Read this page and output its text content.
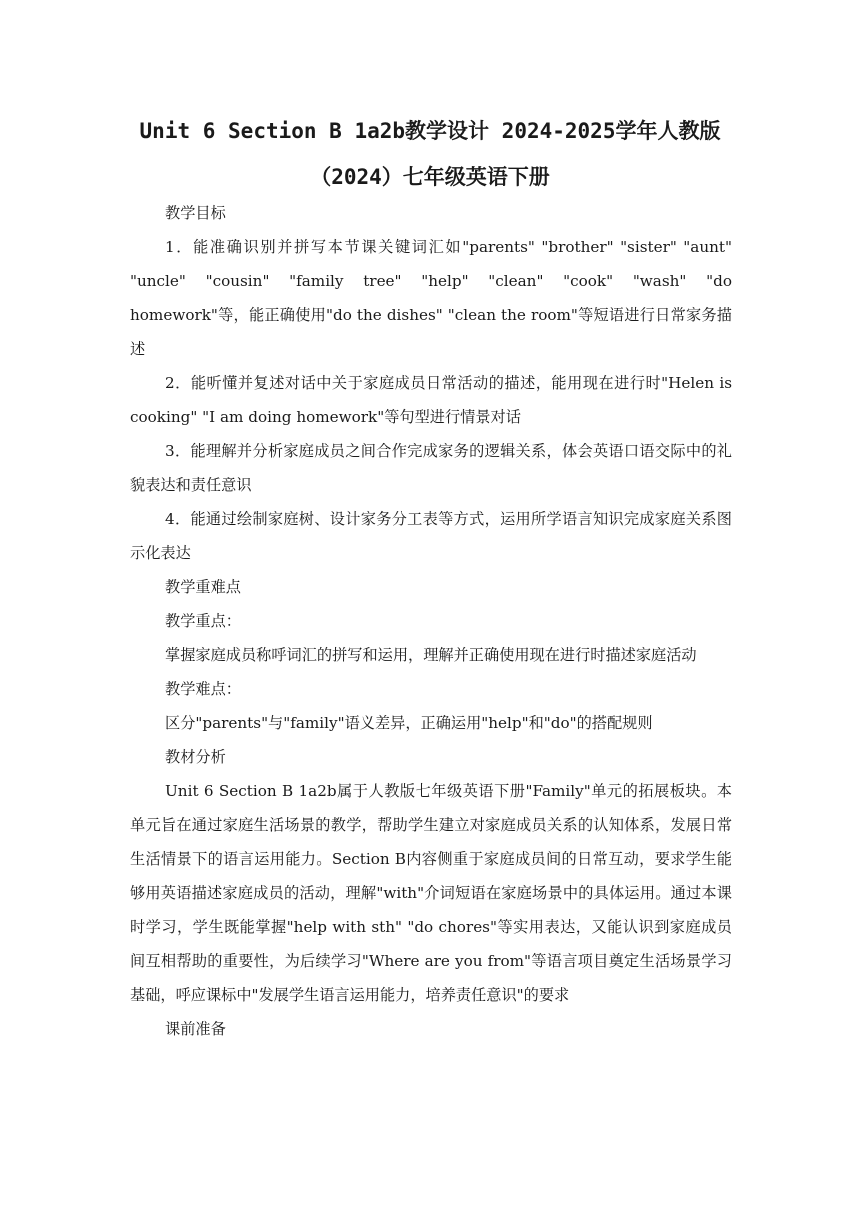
Unit 6 Section B 1a2b教学设计 2024-2025学年人教版
（2024）七年级英语下册

教学目标

1．能准确识别并拼写本节课关键词汇如"parents" "brother" "sister" "aunt" "uncle" "cousin" "family tree" "help" "clean" "cook" "wash" "do homework"等，能正确使用"do the dishes" "clean the room"等短语进行日常家务描述

2．能听懂并复述对话中关于家庭成员日常活动的描述，能用现在进行时"Helen is cooking" "I am doing homework"等句型进行情景对话

3．能理解并分析家庭成员之间合作完成家务的逻辑关系，体会英语口语交际中的礼貌表达和责任意识

4．能通过绘制家庭树、设计家务分工表等方式，运用所学语言知识完成家庭关系图示化表达

教学重难点

教学重点：

掌握家庭成员称呼词汇的拼写和运用，理解并正确使用现在进行时描述家庭活动

教学难点：

区分"parents"与"family"语义差异，正确运用"help"和"do"的搭配规则

教材分析

Unit 6 Section B 1a2b属于人教版七年级英语下册"Family"单元的拓展板块。本单元旨在通过家庭生活场景的教学，帮助学生建立对家庭成员关系的认知体系，发展日常生活情景下的语言运用能力。Section B内容侧重于家庭成员间的日常互动，要求学生能够用英语描述家庭成员的活动，理解"with"介词短语在家庭场景中的具体运用。通过本课时学习，学生既能掌握"help with sth" "do chores"等实用表达，又能认识到家庭成员间互相帮助的重要性，为后续学习"Where are you from"等语言项目奠定生活场景学习基础，呼应课标中"发展学生语言运用能力，培养责任意识"的要求

课前准备
